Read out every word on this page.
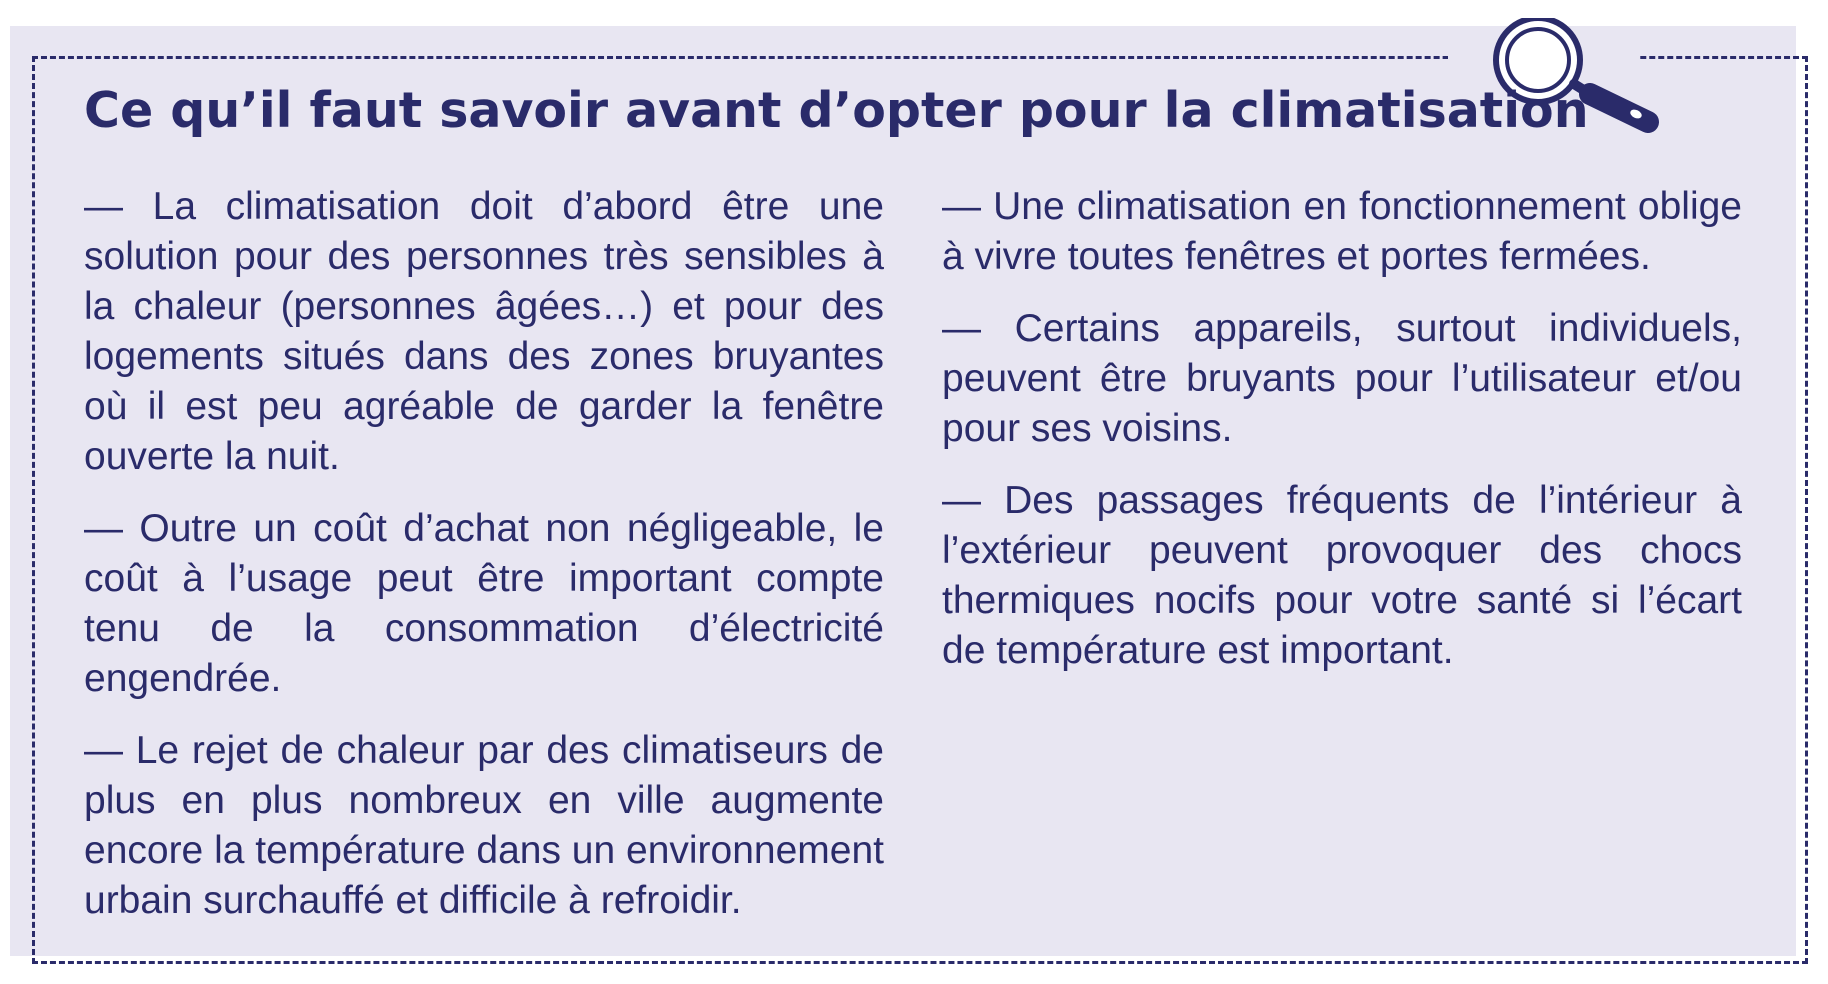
Ce qu’il faut savoir avant d’opter pour la climatisation

— La climatisation doit d’abord être une solution pour des personnes très sensibles à la chaleur (personnes âgées…) et pour des logements situés dans des zones bruyantes où il est peu agréable de garder la fenêtre ouverte la nuit.

— Outre un coût d’achat non négligeable, le coût à l’usage peut être important compte tenu de la consommation d’électricité engendrée.

— Le rejet de chaleur par des climatiseurs de plus en plus nombreux en ville augmente encore la température dans un environnement urbain surchauffé et difficile à refroidir.

— Une climatisation en fonctionnement oblige à vivre toutes fenêtres et portes fermées.

— Certains appareils, surtout individuels, peuvent être bruyants pour l’utilisateur et/ou pour ses voisins.

— Des passages fréquents de l’intérieur à l’extérieur peuvent provoquer des chocs thermiques nocifs pour votre santé si l’écart de température est important.
